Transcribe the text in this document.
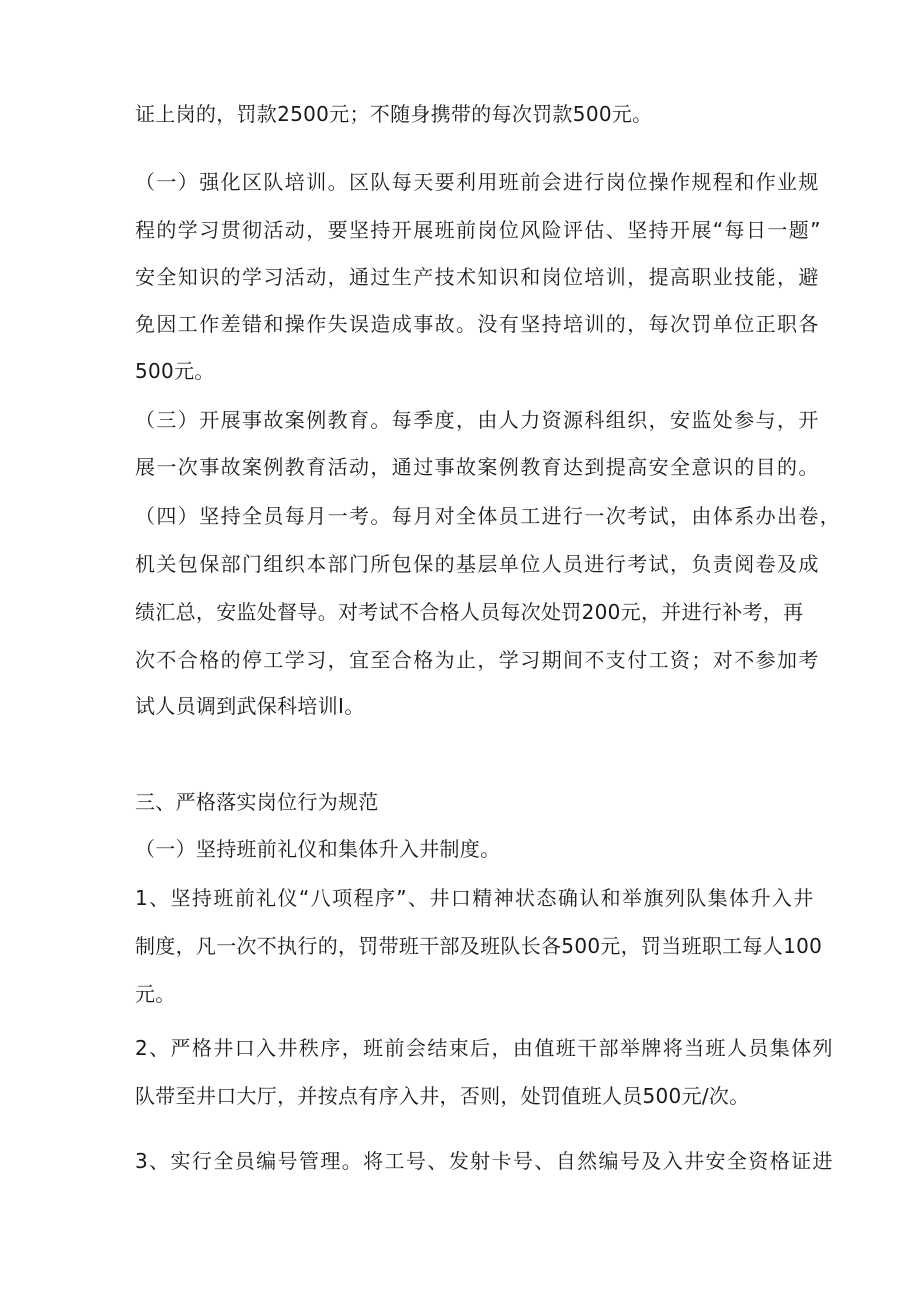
证上岗的，罚款2500元；不随身携带的每次罚款500元。
（一）强化区队培训。区队每天要利用班前会进行岗位操作规程和作业规
程的学习贯彻活动，要坚持开展班前岗位风险评估、坚持开展“每日一题”
安全知识的学习活动，通过生产技术知识和岗位培训，提高职业技能，避
免因工作差错和操作失误造成事故。没有坚持培训的，每次罚单位正职各
500元。
（三）开展事故案例教育。每季度，由人力资源科组织，安监处参与，开
展一次事故案例教育活动，通过事故案例教育达到提高安全意识的目的。
（四）坚持全员每月一考。每月对全体员工进行一次考试，由体系办出卷，
机关包保部门组织本部门所包保的基层单位人员进行考试，负责阅卷及成
绩汇总，安监处督导。对考试不合格人员每次处罚200元，并进行补考，再
次不合格的停工学习，宜至合格为止，学习期间不支付工资；对不参加考
试人员调到武保科培训I。
三、严格落实岗位行为规范
（一）坚持班前礼仪和集体升入井制度。
1、坚持班前礼仪“八项程序”、井口精神状态确认和举旗列队集体升入井
制度，凡一次不执行的，罚带班干部及班队长各500元，罚当班职工每人100
元。
2、严格井口入井秩序，班前会结束后，由值班干部举牌将当班人员集体列
队带至井口大厅，并按点有序入井，否则，处罚值班人员500元/次。
3、实行全员编号管理。将工号、发射卡号、自然编号及入井安全资格证进
